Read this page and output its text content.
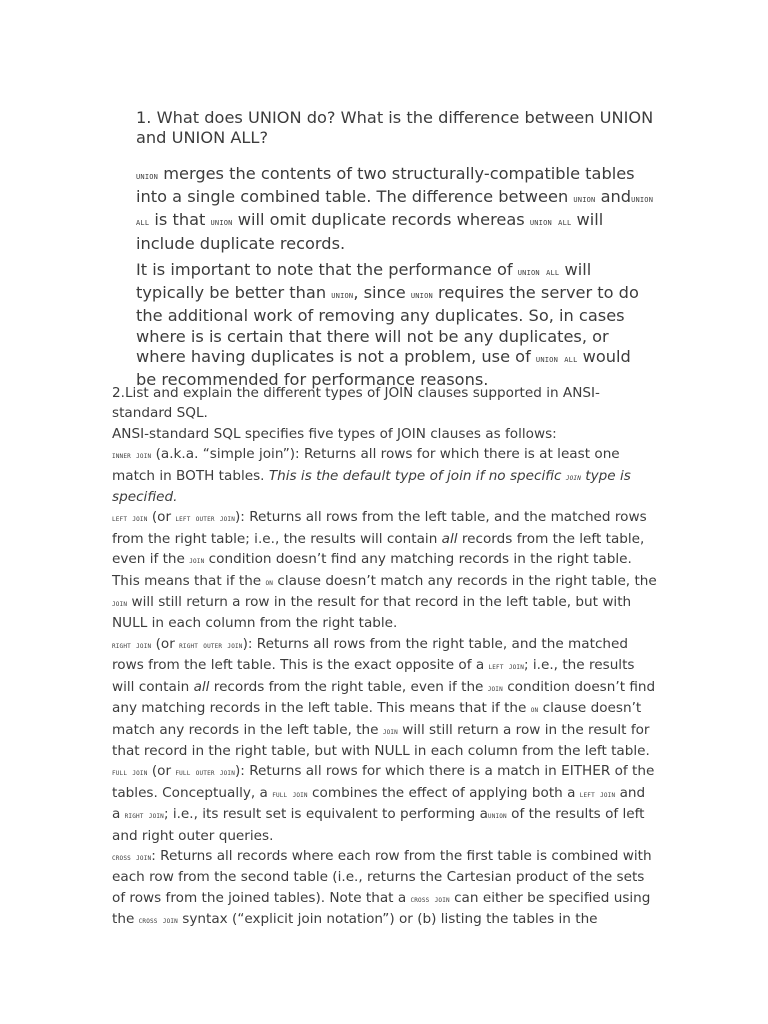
1. What does UNION do? What is the difference between UNION and UNION ALL?

union merges the contents of two structurally-compatible tables into a single combined table. The difference between union andunion all is that union will omit duplicate records whereas union all will include duplicate records.

It is important to note that the performance of union all will typically be better than union, since union requires the server to do the additional work of removing any duplicates. So, in cases where is is certain that there will not be any duplicates, or where having duplicates is not a problem, use of union all would be recommended for performance reasons.

2.List and explain the different types of JOIN clauses supported in ANSI-standard SQL.

ANSI-standard SQL specifies five types of JOIN clauses as follows:

inner join (a.k.a. “simple join”): Returns all rows for which there is at least one match in BOTH tables. This is the default type of join if no specific join type is specified.

left join (or left outer join): Returns all rows from the left table, and the matched rows from the right table; i.e., the results will contain all records from the left table, even if the join condition doesn’t find any matching records in the right table. This means that if the on clause doesn’t match any records in the right table, the join will still return a row in the result for that record in the left table, but with NULL in each column from the right table.

right join (or right outer join): Returns all rows from the right table, and the matched rows from the left table. This is the exact opposite of a left join; i.e., the results will contain all records from the right table, even if the join condition doesn’t find any matching records in the left table. This means that if the on clause doesn’t match any records in the left table, the join will still return a row in the result for that record in the right table, but with NULL in each column from the left table.

full join (or full outer join): Returns all rows for which there is a match in EITHER of the tables. Conceptually, a full join combines the effect of applying both a left join and a right join; i.e., its result set is equivalent to performing aunion of the results of left and right outer queries.

cross join: Returns all records where each row from the first table is combined with each row from the second table (i.e., returns the Cartesian product of the sets of rows from the joined tables). Note that a cross join can either be specified using the cross join syntax (“explicit join notation”) or (b) listing the tables in the
